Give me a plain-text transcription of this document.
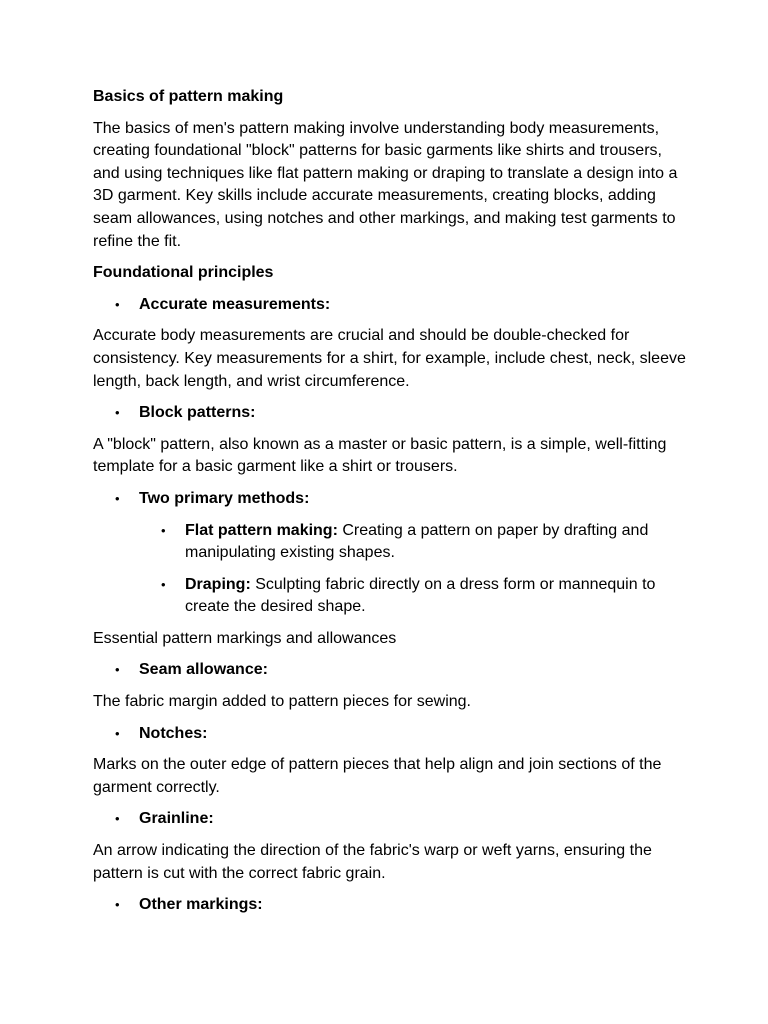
Basics of pattern making
The basics of men's pattern making involve understanding body measurements, creating foundational "block" patterns for basic garments like shirts and trousers, and using techniques like flat pattern making or draping to translate a design into a 3D garment. Key skills include accurate measurements, creating blocks, adding seam allowances, using notches and other markings, and making test garments to refine the fit.
Foundational principles
• Accurate measurements:
Accurate body measurements are crucial and should be double-checked for consistency. Key measurements for a shirt, for example, include chest, neck, sleeve length, back length, and wrist circumference.
• Block patterns:
A "block" pattern, also known as a master or basic pattern, is a simple, well-fitting template for a basic garment like a shirt or trousers.
• Two primary methods:
• Flat pattern making: Creating a pattern on paper by drafting and manipulating existing shapes.
• Draping: Sculpting fabric directly on a dress form or mannequin to create the desired shape.
Essential pattern markings and allowances
• Seam allowance:
The fabric margin added to pattern pieces for sewing.
• Notches:
Marks on the outer edge of pattern pieces that help align and join sections of the garment correctly.
• Grainline:
An arrow indicating the direction of the fabric's warp or weft yarns, ensuring the pattern is cut with the correct fabric grain.
• Other markings:
